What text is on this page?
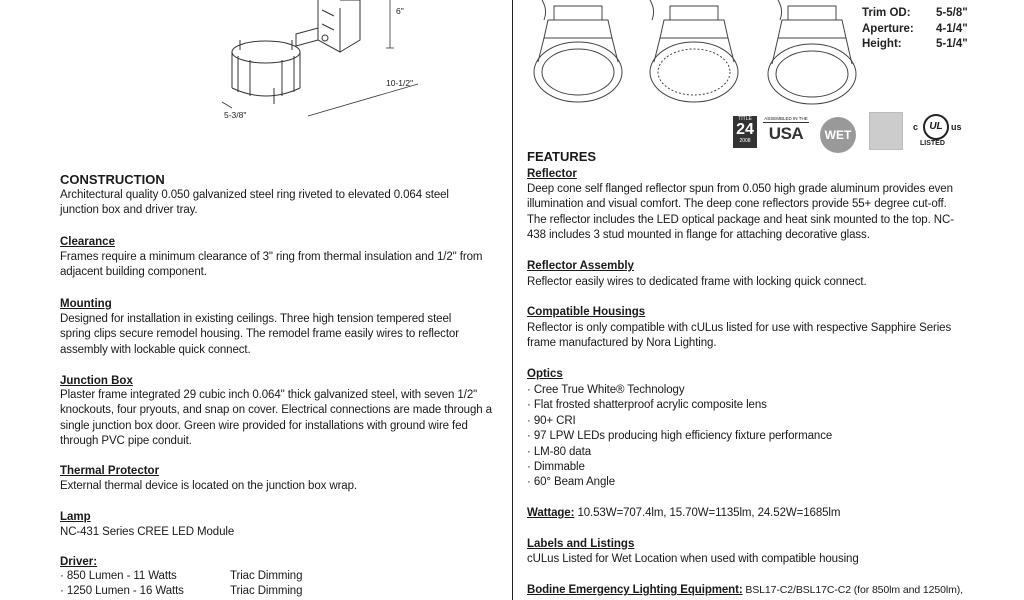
6"
10-1/2"
5-3/8"
Trim OD: 5-5/8"
Aperture: 4-1/4"
Height:	5-1/4"
TITLE
24
2008
ASSEMBLED IN THE
USA	WET
c	UL us
LISTED
CONSTRUCTION
Architectural quality 0.050 galvanized steel ring riveted to elevated 0.064 steel junction box and driver tray.
Clearance
Frames require a minimum clearance of 3" ring from thermal insulation and 1/2" from adjacent building component.
Mounting
Designed for installation in existing ceilings. Three high tension tempered steel spring clips secure remodel housing. The remodel frame easily wires to reflector assembly with lockable quick connect.
Junction Box
Plaster frame integrated 29 cubic inch 0.064" thick galvanized steel, with seven 1/2" knockouts, four pryouts, and snap on cover. Electrical connections are made through a single junction box door. Green wire provided for installations with ground wire fed through PVC pipe conduit.
Thermal Protector
External thermal device is located on the junction box wrap.
Lamp
NC-431 Series CREE LED Module
Driver:
· 850 Lumen - 11 Watts	Triac Dimming
· 1250 Lumen - 16 Watts	Triac Dimming
FEATURES
Reflector
Deep cone self flanged reflector spun from 0.050 high grade aluminum provides even illumination and visual comfort. The deep cone reflectors provide 55+ degree cut-off. The reflector includes the LED optical package and heat sink mounted to the top. NC-438 includes 3 stud mounted in flange for attaching decorative glass.
Reflector Assembly
Reflector easily wires to dedicated frame with locking quick connect.
Compatible Housings
Reflector is only compatible with cULus listed for use with respective Sapphire Series frame manufactured by Nora Lighting.
Optics
· Cree True White® Technology
· Flat frosted shatterproof acrylic composite lens
· 90+ CRI
· 97 LPW LEDs producing high efficiency fixture performance
· LM-80 data
· Dimmable
· 60° Beam Angle
Wattage: 10.53W=707.4lm, 15.70W=1135lm, 24.52W=1685lm
Labels and Listings
cULus Listed for Wet Location when used with compatible housing
Bodine Emergency Lighting Equipment: BSL17-C2/BSL17C-C2 (for 850lm and 1250lm),
